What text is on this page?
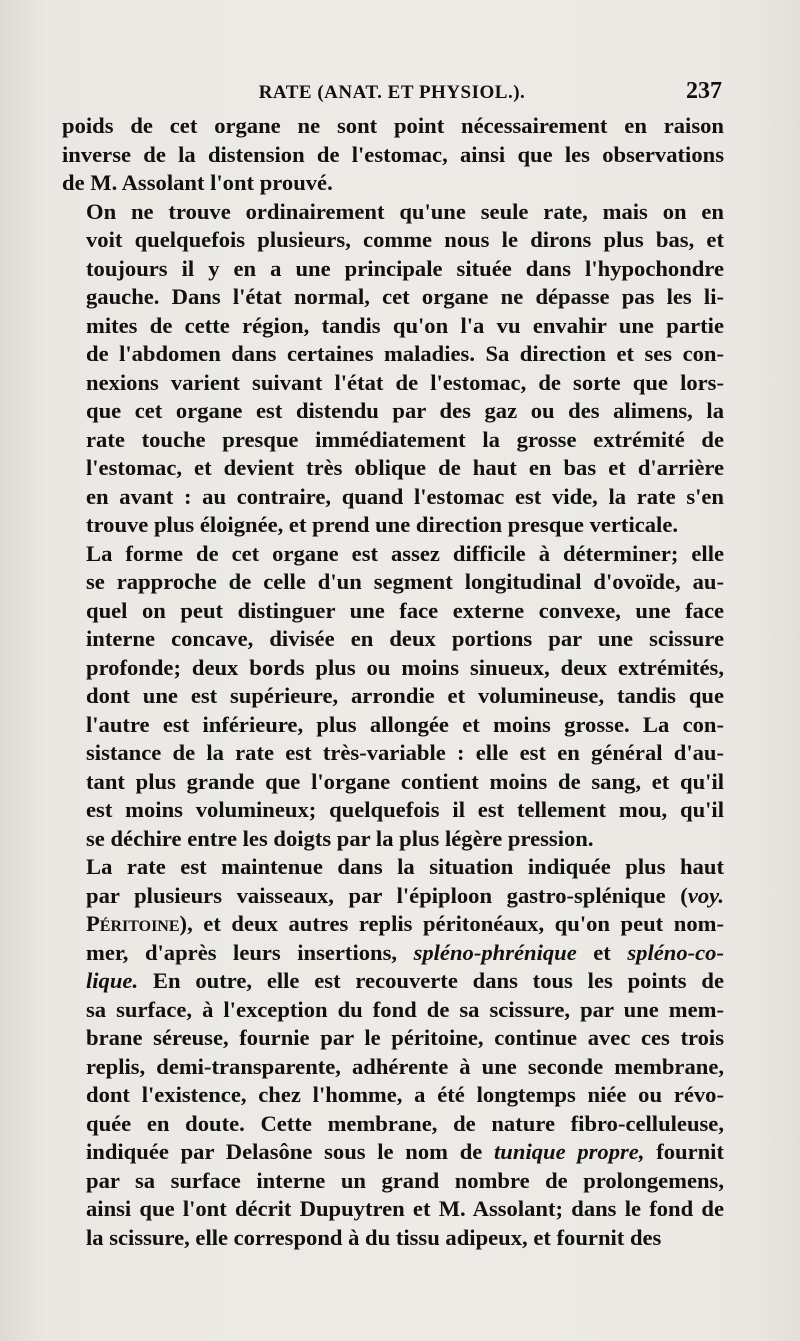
RATE (ANAT. ET PHYSIOL.).	237
poids de cet organe ne sont point nécessairement en raison
inverse de la distension de l'estomac, ainsi que les observations
de M. Assolant l'ont prouvé.
On ne trouve ordinairement qu'une seule rate, mais on en
voit quelquefois plusieurs, comme nous le dirons plus bas, et
toujours il y en a une principale située dans l'hypochondre
gauche. Dans l'état normal, cet organe ne dépasse pas les li-
mites de cette région, tandis qu'on l'a vu envahir une partie
de l'abdomen dans certaines maladies. Sa direction et ses con-
nexions varient suivant l'état de l'estomac, de sorte que lors-
que cet organe est distendu par des gaz ou des alimens, la
rate touche presque immédiatement la grosse extrémité de
l'estomac, et devient très oblique de haut en bas et d'arrière
en avant : au contraire, quand l'estomac est vide, la rate s'en
trouve plus éloignée, et prend une direction presque verticale.
La forme de cet organe est assez difficile à déterminer; elle
se rapproche de celle d'un segment longitudinal d'ovoïde, au-
quel on peut distinguer une face externe convexe, une face
interne concave, divisée en deux portions par une scissure
profonde; deux bords plus ou moins sinueux, deux extrémités,
dont une est supérieure, arrondie et volumineuse, tandis que
l'autre est inférieure, plus allongée et moins grosse. La con-
sistance de la rate est très-variable : elle est en général d'au-
tant plus grande que l'organe contient moins de sang, et qu'il
est moins volumineux; quelquefois il est tellement mou, qu'il
se déchire entre les doigts par la plus légère pression.
La rate est maintenue dans la situation indiquée plus haut
par plusieurs vaisseaux, par l'épiploon gastro-splénique (voy.
Péritoine), et deux autres replis péritonéaux, qu'on peut nom-
mer, d'après leurs insertions, spléno-phrénique et spléno-co-
lique. En outre, elle est recouverte dans tous les points de
sa surface, à l'exception du fond de sa scissure, par une mem-
brane séreuse, fournie par le péritoine, continue avec ces trois
replis, demi-transparente, adhérente à une seconde membrane,
dont l'existence, chez l'homme, a été longtemps niée ou révo-
quée en doute. Cette membrane, de nature fibro-celluleuse,
indiquée par Delasône sous le nom de tunique propre, fournit
par sa surface interne un grand nombre de prolongemens,
ainsi que l'ont décrit Dupuytren et M. Assolant; dans le fond de
la scissure, elle correspond à du tissu adipeux, et fournit des
